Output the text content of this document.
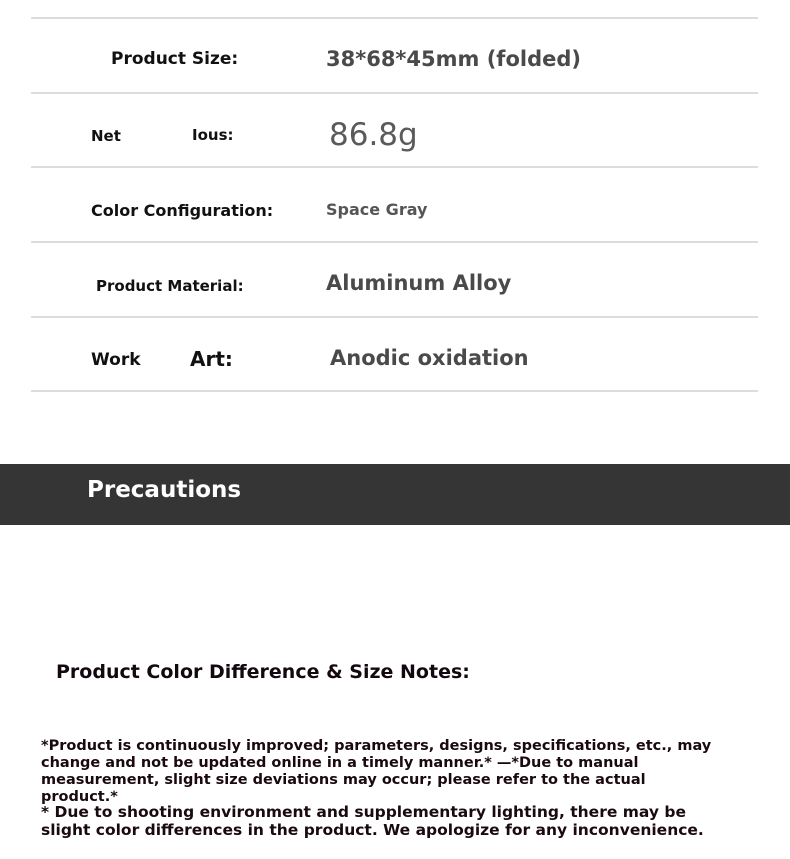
Product Size:	38*68*45mm (folded)
Net	Ious:	86.8g
Color Configuration:	Space Gray
Product Material:	Aluminum Alloy
Work Art:	Anodic oxidation
Precautions
Product Color Difference & Size Notes:
*Product is continuously improved; parameters, designs, specifications, etc., may change and not be updated online in a timely manner.* —*Due to manual measurement, slight size deviations may occur; please refer to the actual product.*
* Due to shooting environment and supplementary lighting, there may be slight color differences in the product. We apologize for any inconvenience.
